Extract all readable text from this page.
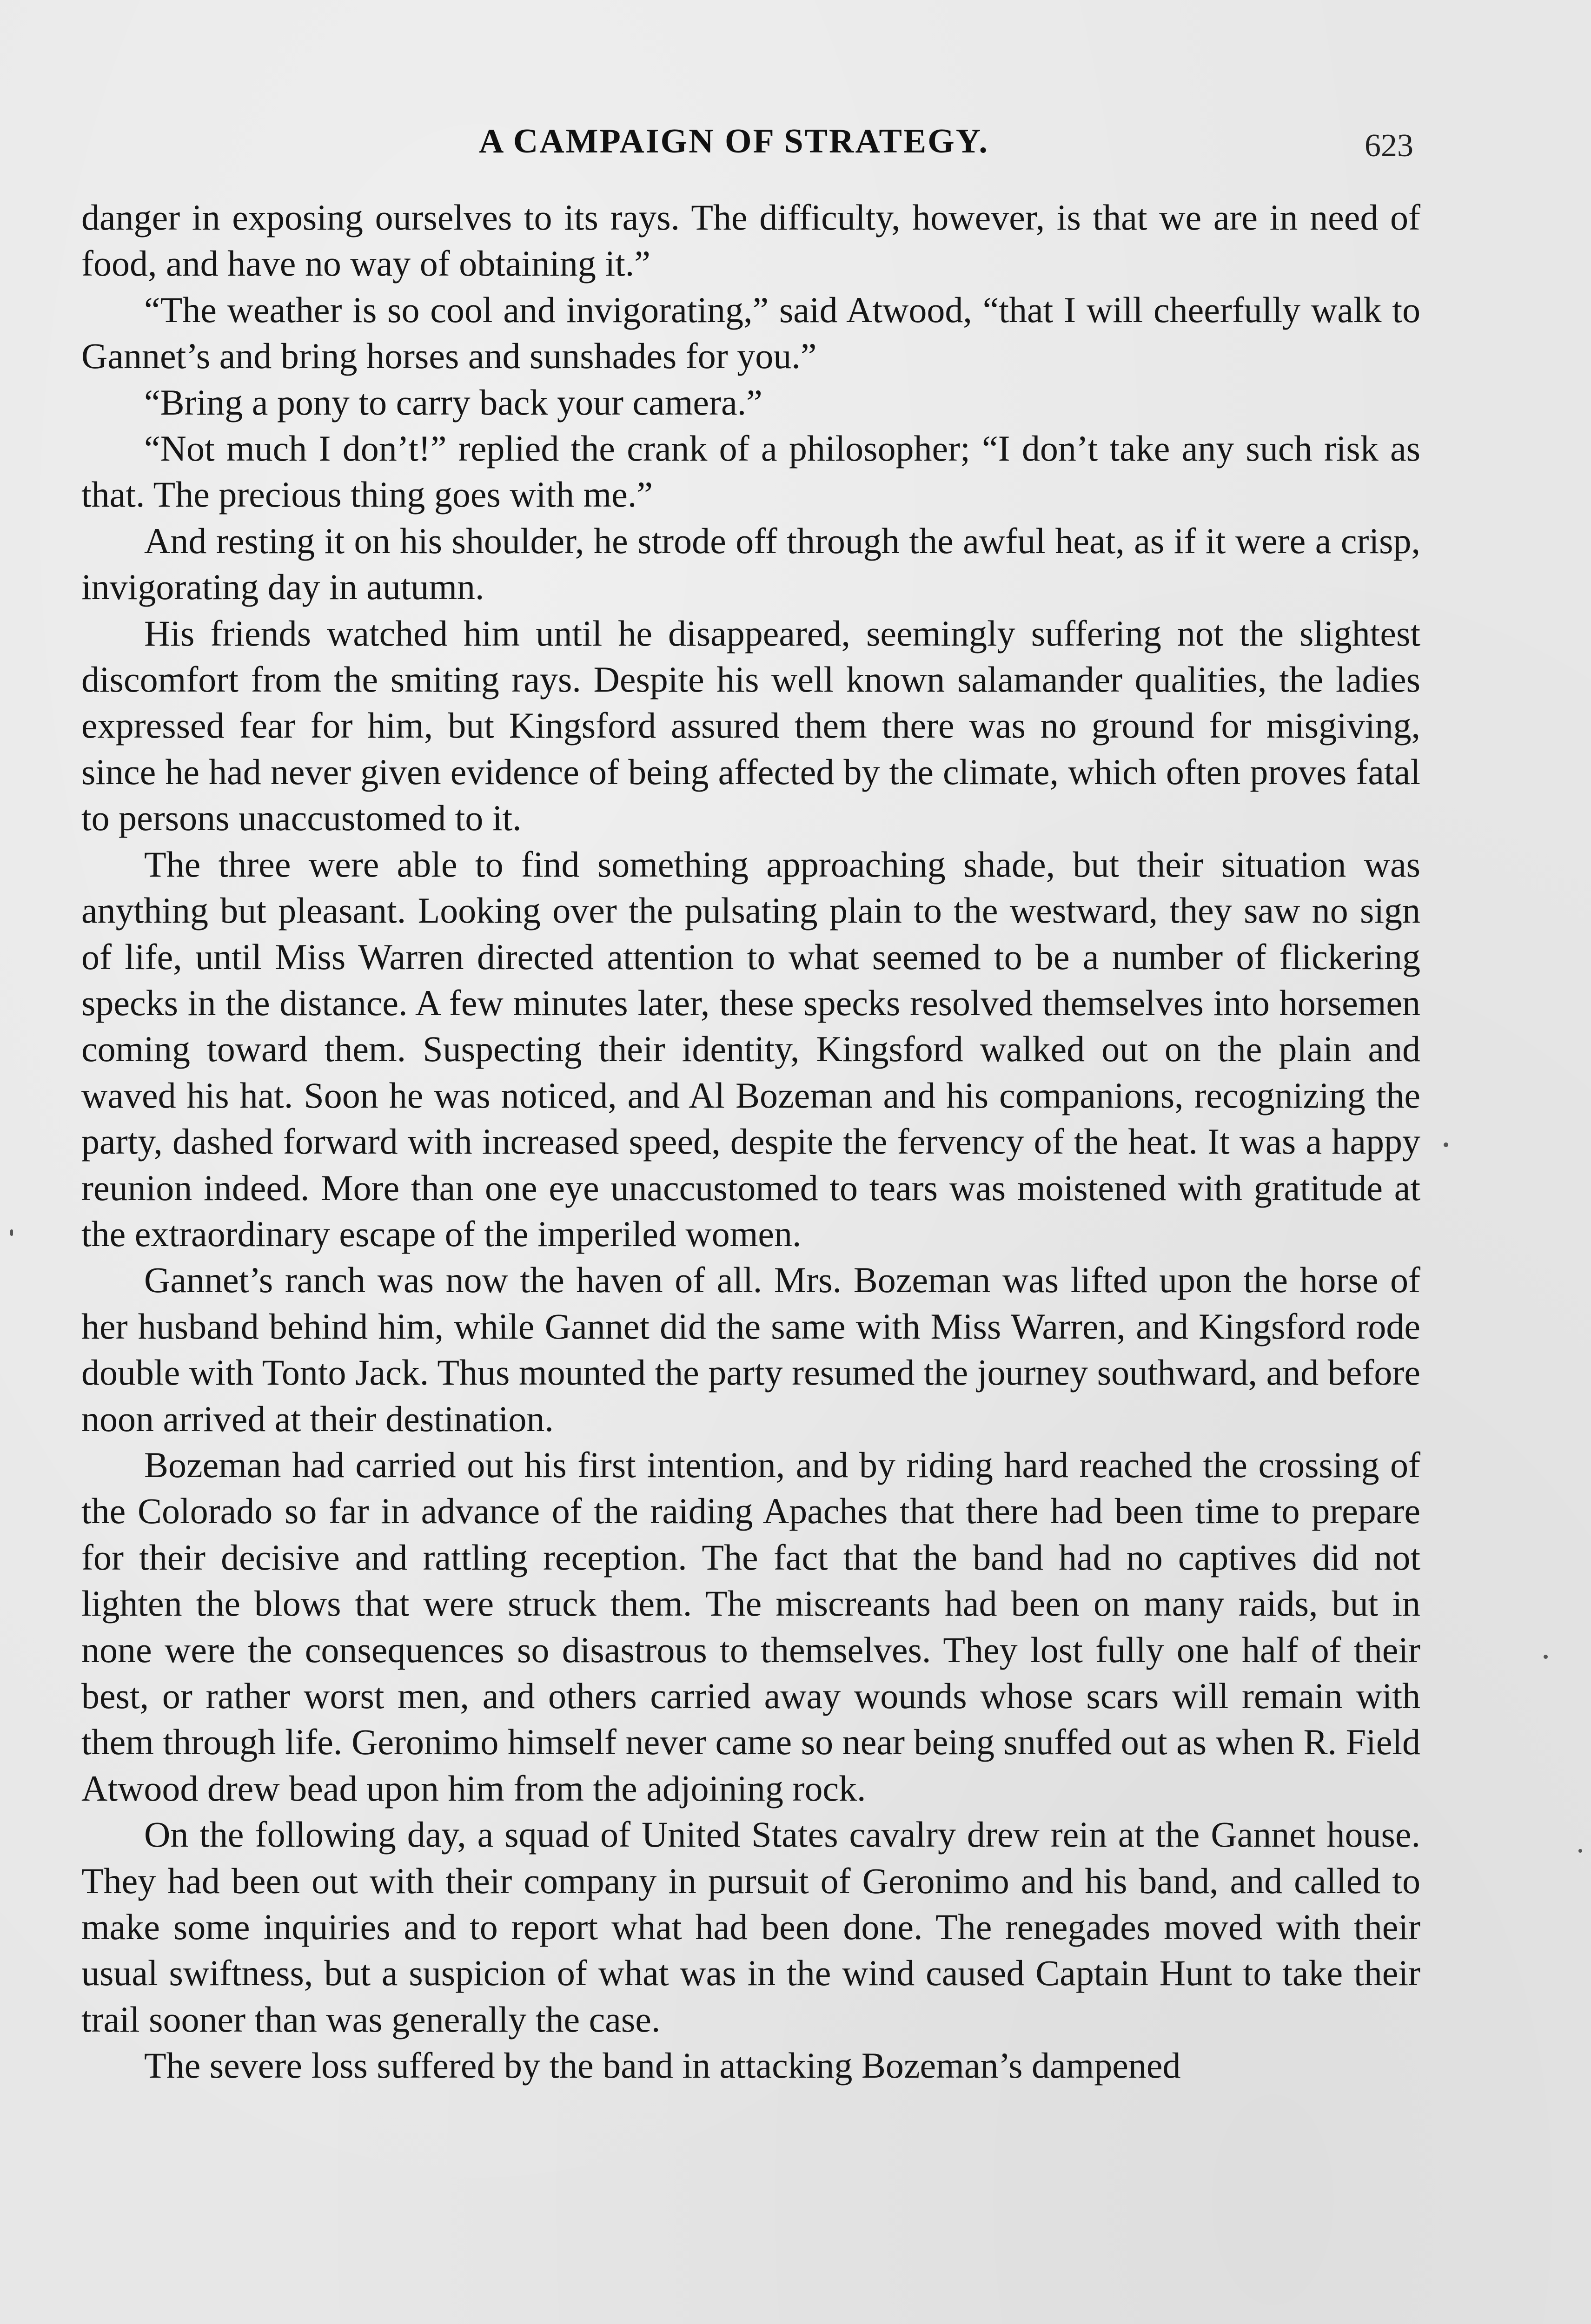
A CAMPAIGN OF STRATEGY.	623

danger in exposing ourselves to its rays. The difficulty, however, is that we are in need of food, and have no way of obtaining it.”

“The weather is so cool and invigorating,” said Atwood, “that I will cheerfully walk to Gannet’s and bring horses and sunshades for you.”

“Bring a pony to carry back your camera.”

“Not much I don’t!” replied the crank of a philosopher; “I don’t take any such risk as that. The precious thing goes with me.”

And resting it on his shoulder, he strode off through the awful heat, as if it were a crisp, invigorating day in autumn.

His friends watched him until he disappeared, seemingly suffering not the slightest discomfort from the smiting rays. Despite his well known salamander qualities, the ladies expressed fear for him, but Kingsford assured them there was no ground for misgiving, since he had never given evidence of being affected by the climate, which often proves fatal to persons unaccustomed to it.

The three were able to find something approaching shade, but their situation was anything but pleasant. Looking over the pulsating plain to the westward, they saw no sign of life, until Miss Warren directed attention to what seemed to be a number of flickering specks in the distance. A few minutes later, these specks resolved themselves into horsemen coming toward them. Suspecting their identity, Kingsford walked out on the plain and waved his hat. Soon he was noticed, and Al Bozeman and his companions, recognizing the party, dashed forward with increased speed, despite the fervency of the heat. It was a happy reunion indeed. More than one eye unaccustomed to tears was moistened with gratitude at the extraordinary escape of the imperiled women.

Gannet’s ranch was now the haven of all. Mrs. Bozeman was lifted upon the horse of her husband behind him, while Gannet did the same with Miss Warren, and Kingsford rode double with Tonto Jack. Thus mounted the party resumed the journey southward, and before noon arrived at their destination.

Bozeman had carried out his first intention, and by riding hard reached the crossing of the Colorado so far in advance of the raiding Apaches that there had been time to prepare for their decisive and rattling reception. The fact that the band had no captives did not lighten the blows that were struck them. The miscreants had been on many raids, but in none were the consequences so disastrous to themselves. They lost fully one half of their best, or rather worst men, and others carried away wounds whose scars will remain with them through life. Geronimo himself never came so near being snuffed out as when R. Field Atwood drew bead upon him from the adjoining rock.

On the following day, a squad of United States cavalry drew rein at the Gannet house. They had been out with their company in pursuit of Geronimo and his band, and called to make some inquiries and to report what had been done. The renegades moved with their usual swiftness, but a suspicion of what was in the wind caused Captain Hunt to take their trail sooner than was generally the case.

The severe loss suffered by the band in attacking Bozeman’s dampened
